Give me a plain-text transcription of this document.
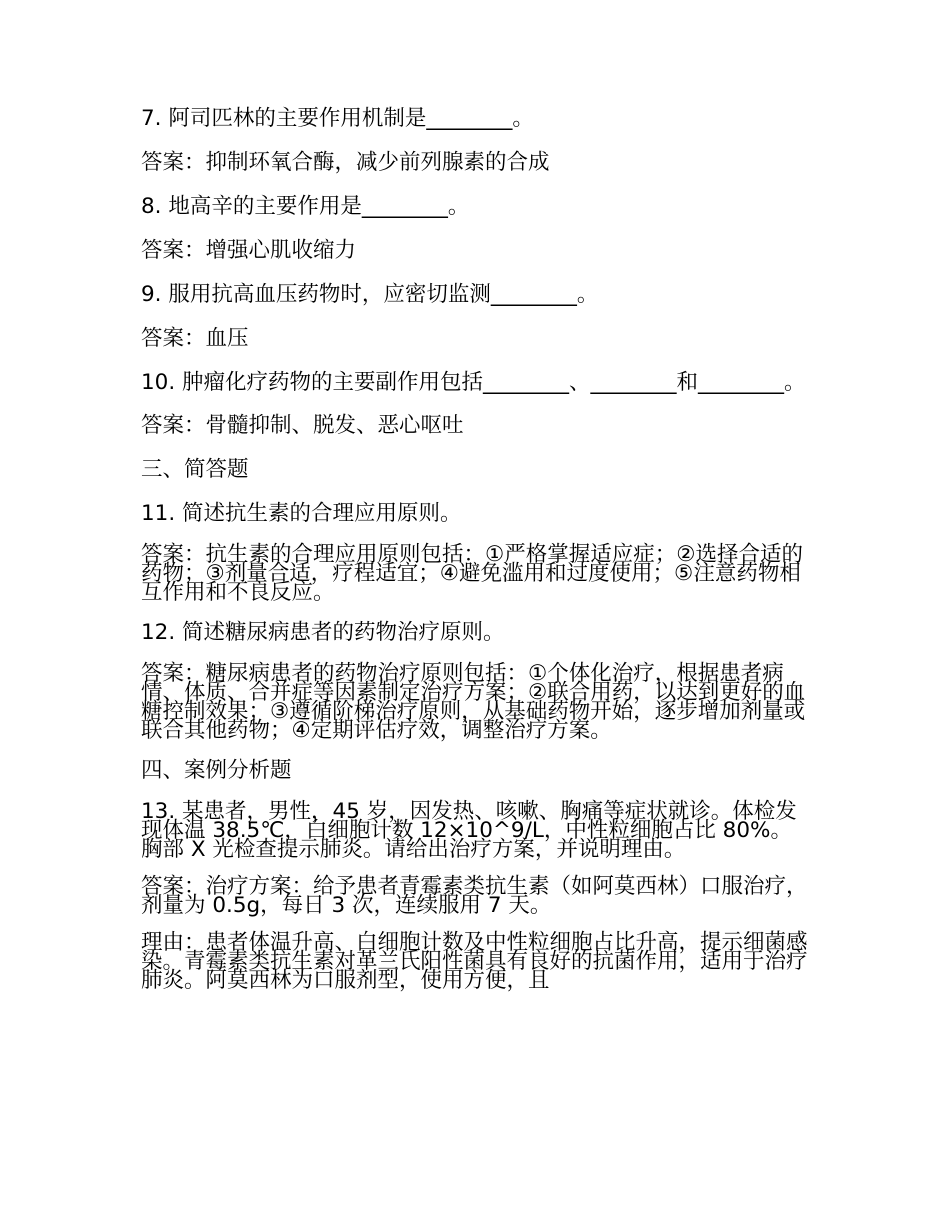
7. 阿司匹林的主要作用机制是________。

答案：抑制环氧合酶，减少前列腺素的合成

8. 地高辛的主要作用是________。

答案：增强心肌收缩力

9. 服用抗高血压药物时，应密切监测________。

答案：血压

10. 肿瘤化疗药物的主要副作用包括________、________和________。

答案：骨髓抑制、脱发、恶心呕吐

三、简答题

11. 简述抗生素的合理应用原则。

答案：抗生素的合理应用原则包括：①严格掌握适应症；②选择合适的药物；③剂量合适，疗程适宜；④避免滥用和过度使用；⑤注意药物相互作用和不良反应。

12. 简述糖尿病患者的药物治疗原则。

答案：糖尿病患者的药物治疗原则包括：①个体化治疗，根据患者病情、体质、合并症等因素制定治疗方案；②联合用药，以达到更好的血糖控制效果；③遵循阶梯治疗原则，从基础药物开始，逐步增加剂量或联合其他药物；④定期评估疗效，调整治疗方案。

四、案例分析题

13. 某患者，男性，45 岁，因发热、咳嗽、胸痛等症状就诊。体检发现体温 38.5℃，白细胞计数 12×10^9/L，中性粒细胞占比 80%。胸部 X 光检查提示肺炎。请给出治疗方案，并说明理由。

答案：治疗方案：给予患者青霉素类抗生素（如阿莫西林）口服治疗，剂量为 0.5g，每日 3 次，连续服用 7 天。

理由：患者体温升高、白细胞计数及中性粒细胞占比升高，提示细菌感染。青霉素类抗生素对革兰氏阳性菌具有良好的抗菌作用，适用于治疗肺炎。阿莫西林为口服剂型，使用方便，且
